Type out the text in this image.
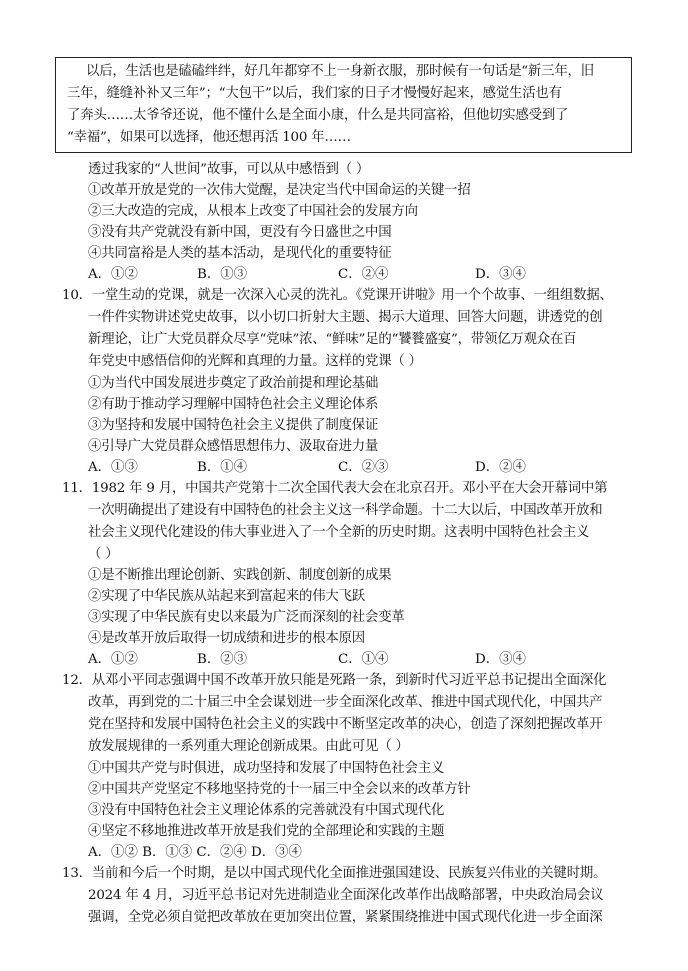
以后，生活也是磕磕绊绊，好几年都穿不上一身新衣服，那时候有一句话是“新三年，旧
三年，缝缝补补又三年”；“大包干”以后，我们家的日子才慢慢好起来，感觉生活也有
了奔头……太爷爷还说，他不懂什么是全面小康，什么是共同富裕，但他切实感受到了
“幸福”，如果可以选择，他还想再活 100 年……
透过我家的“人世间”故事，可以从中感悟到（ ）
①改革开放是党的一次伟大觉醒，是决定当代中国命运的关键一招
②三大改造的完成，从根本上改变了中国社会的发展方向
③没有共产党就没有新中国，更没有今日盛世之中国
④共同富裕是人类的基本活动，是现代化的重要特征
A．①②	B．①③	C．②④	D．③④
10．一堂生动的党课，就是一次深入心灵的洗礼。《党课开讲啦》用一个个故事、一组组数据、
一件件实物讲述党史故事，以小切口折射大主题、揭示大道理、回答大问题，讲透党的创
新理论，让广大党员群众尽享“党味”浓、“鲜味”足的“饕餮盛宴”，带领亿万观众在百
年党史中感悟信仰的光辉和真理的力量。这样的党课（ ）
①为当代中国发展进步奠定了政治前提和理论基础
②有助于推动学习理解中国特色社会主义理论体系
③为坚持和发展中国特色社会主义提供了制度保证
④引导广大党员群众感悟思想伟力、汲取奋进力量
A．①③	B．①④	C．②③	D．②④
11．1982 年 9 月，中国共产党第十二次全国代表大会在北京召开。邓小平在大会开幕词中第
一次明确提出了建设有中国特色的社会主义这一科学命题。十二大以后，中国改革开放和
社会主义现代化建设的伟大事业进入了一个全新的历史时期。这表明中国特色社会主义
（ ）
①是不断推出理论创新、实践创新、制度创新的成果
②实现了中华民族从站起来到富起来的伟大飞跃
③实现了中华民族有史以来最为广泛而深刻的社会变革
④是改革开放后取得一切成绩和进步的根本原因
A．①②	B．②③	C．①④	D．③④
12．从邓小平同志强调中国不改革开放只能是死路一条，到新时代习近平总书记提出全面深化
改革，再到党的二十届三中全会谋划进一步全面深化改革、推进中国式现代化，中国共产
党在坚持和发展中国特色社会主义的实践中不断坚定改革的决心，创造了深刻把握改革开
放发展规律的一系列重大理论创新成果。由此可见（ ）
①中国共产党与时俱进，成功坚持和发展了中国特色社会主义
②中国共产党坚定不移地坚持党的十一届三中全会以来的改革方针
③没有中国特色社会主义理论体系的完善就没有中国式现代化
④坚定不移地推进改革开放是我们党的全部理论和实践的主题
A．①② B．①③ C．②④ D．③④
13．当前和今后一个时期，是以中国式现代化全面推进强国建设、民族复兴伟业的关键时期。
2024 年 4 月，习近平总书记对先进制造业全面深化改革作出战略部署，中央政治局会议
强调，全党必须自觉把改革放在更加突出位置，紧紧围绕推进中国式现代化进一步全面深
